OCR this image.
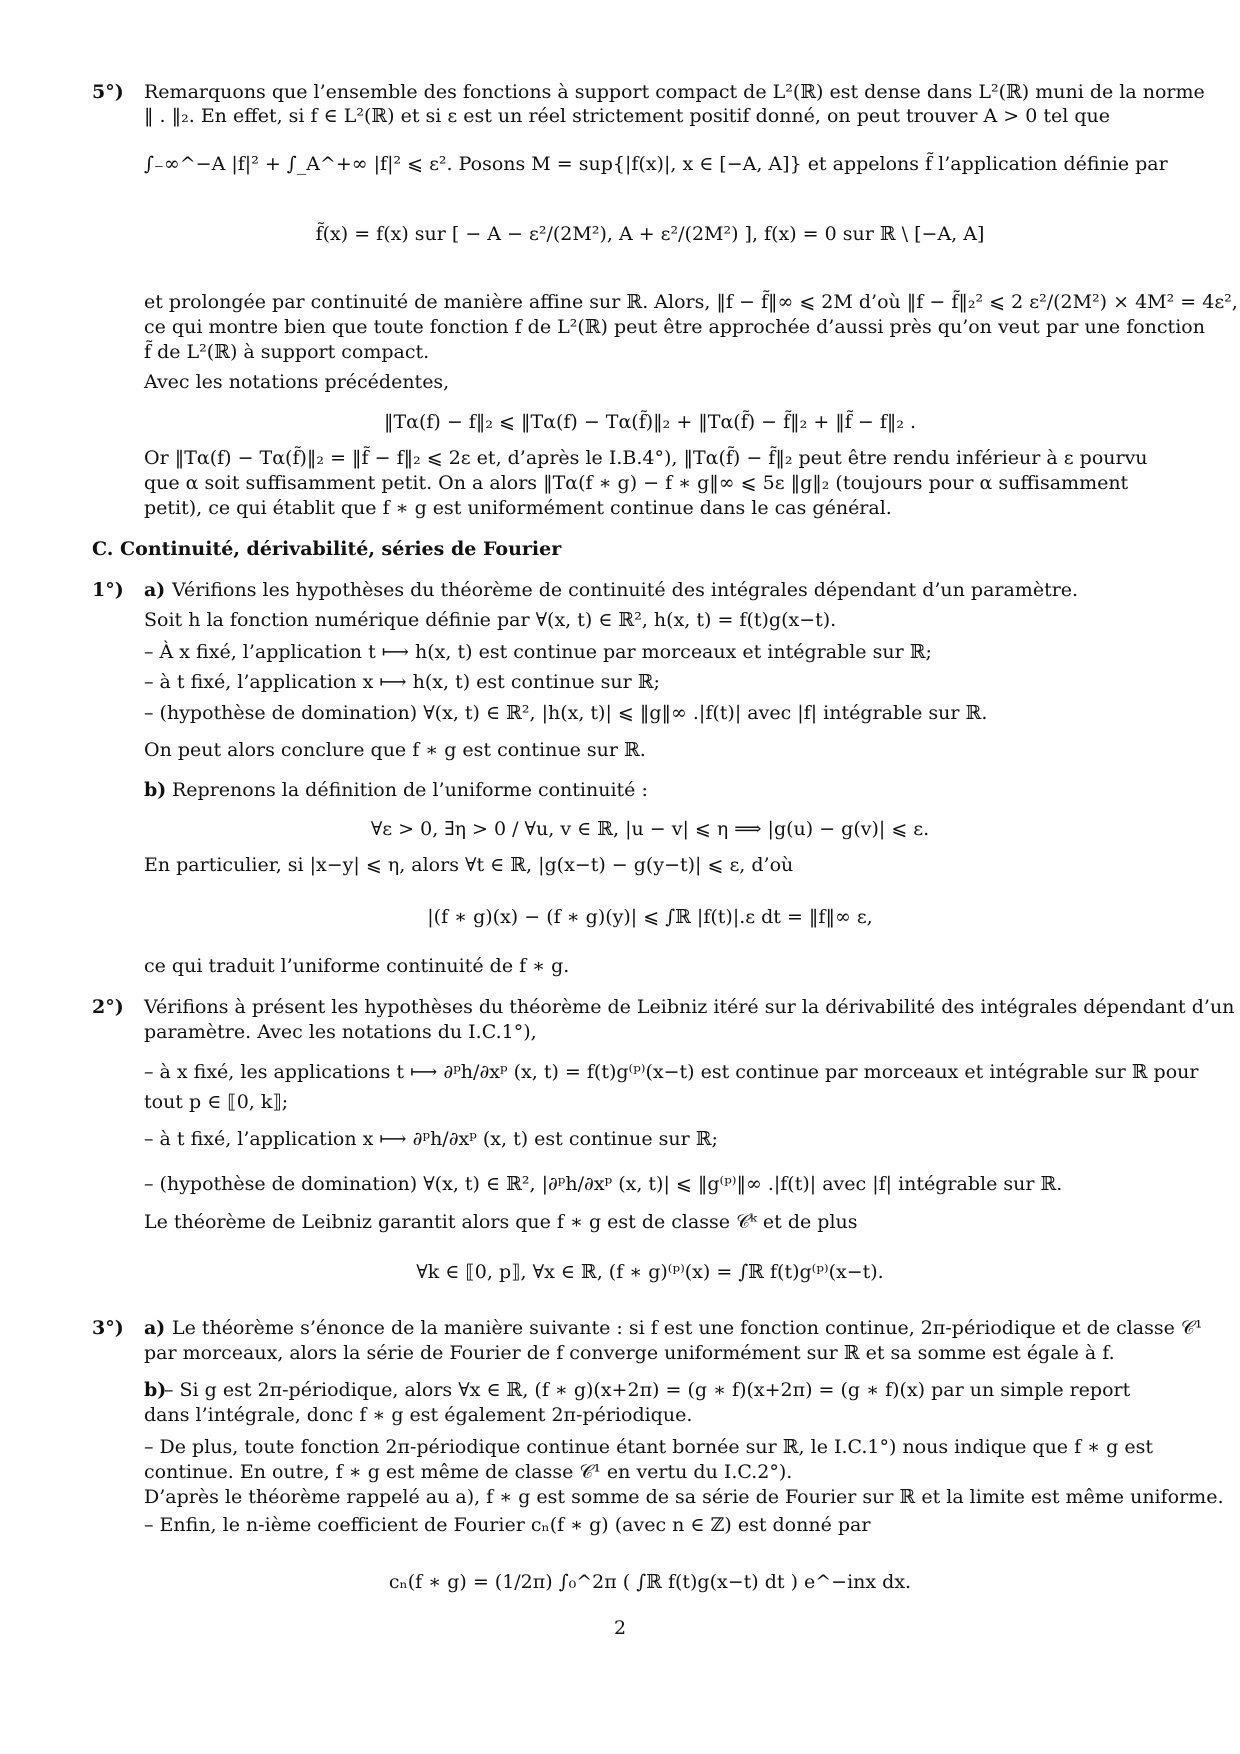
5°) Remarquons que l’ensemble des fonctions à support compact de L²(ℝ) est dense dans L²(ℝ) muni de la norme
‖ . ‖₂. En effet, si f ∈ L²(ℝ) et si ε est un réel strictement positif donné, on peut trouver A > 0 tel que
∫₋∞^−A |f|² + ∫_A^+∞ |f|² ⩽ ε². Posons M = sup{|f(x)|, x ∈ [−A, A]} et appelons f̃ l’application définie par
f̃(x) = f(x) sur [ − A − ε²/(2M²), A + ε²/(2M²) ], f(x) = 0 sur ℝ \ [−A, A]
et prolongée par continuité de manière affine sur ℝ. Alors, ‖f − f̃‖∞ ⩽ 2M d’où ‖f − f̃‖₂² ⩽ 2 ε²/(2M²) × 4M² = 4ε²,
ce qui montre bien que toute fonction f de L²(ℝ) peut être approchée d’aussi près qu’on veut par une fonction
f̃ de L²(ℝ) à support compact.
Avec les notations précédentes,
‖Tα(f) − f‖₂ ⩽ ‖Tα(f) − Tα(f̃)‖₂ + ‖Tα(f̃) − f̃‖₂ + ‖f̃ − f‖₂ .
Or ‖Tα(f) − Tα(f̃)‖₂ = ‖f̃ − f‖₂ ⩽ 2ε et, d’après le I.B.4°), ‖Tα(f̃) − f̃‖₂ peut être rendu inférieur à ε pourvu
que α soit suffisamment petit. On a alors ‖Tα(f ∗ g) − f ∗ g‖∞ ⩽ 5ε ‖g‖₂ (toujours pour α suffisamment
petit), ce qui établit que f ∗ g est uniformément continue dans le cas général.
C. Continuité, dérivabilité, séries de Fourier
1°) a) Vérifions les hypothèses du théorème de continuité des intégrales dépendant d’un paramètre.
Soit h la fonction numérique définie par ∀(x, t) ∈ ℝ², h(x, t) = f(t)g(x−t).
– À x fixé, l’application t ⟼ h(x, t) est continue par morceaux et intégrable sur ℝ;
– à t fixé, l’application x ⟼ h(x, t) est continue sur ℝ;
– (hypothèse de domination) ∀(x, t) ∈ ℝ², |h(x, t)| ⩽ ‖g‖∞ .|f(t)| avec |f| intégrable sur ℝ.
On peut alors conclure que f ∗ g est continue sur ℝ.
b) Reprenons la définition de l’uniforme continuité :
∀ε > 0, ∃η > 0 / ∀u, v ∈ ℝ, |u − v| ⩽ η ⟹ |g(u) − g(v)| ⩽ ε.
En particulier, si |x−y| ⩽ η, alors ∀t ∈ ℝ, |g(x−t) − g(y−t)| ⩽ ε, d’où
|(f ∗ g)(x) − (f ∗ g)(y)| ⩽ ∫ℝ |f(t)|.ε dt = ‖f‖∞ ε,
ce qui traduit l’uniforme continuité de f ∗ g.
2°) Vérifions à présent les hypothèses du théorème de Leibniz itéré sur la dérivabilité des intégrales dépendant d’un
paramètre. Avec les notations du I.C.1°),
– à x fixé, les applications t ⟼ ∂ᵖh/∂xᵖ (x, t) = f(t)g⁽ᵖ⁾(x−t) est continue par morceaux et intégrable sur ℝ pour
tout p ∈ ⟦0, k⟧;
– à t fixé, l’application x ⟼ ∂ᵖh/∂xᵖ (x, t) est continue sur ℝ;
– (hypothèse de domination) ∀(x, t) ∈ ℝ², |∂ᵖh/∂xᵖ (x, t)| ⩽ ‖g⁽ᵖ⁾‖∞ .|f(t)| avec |f| intégrable sur ℝ.
Le théorème de Leibniz garantit alors que f ∗ g est de classe 𝒞ᵏ et de plus
∀k ∈ ⟦0, p⟧, ∀x ∈ ℝ, (f ∗ g)⁽ᵖ⁾(x) = ∫ℝ f(t)g⁽ᵖ⁾(x−t).
3°) a) Le théorème s’énonce de la manière suivante : si f est une fonction continue, 2π-périodique et de classe 𝒞¹
par morceaux, alors la série de Fourier de f converge uniformément sur ℝ et sa somme est égale à f.
b)
– Si g est 2π-périodique, alors ∀x ∈ ℝ, (f ∗ g)(x+2π) = (g ∗ f)(x+2π) = (g ∗ f)(x) par un simple report
dans l’intégrale, donc f ∗ g est également 2π-périodique.
– De plus, toute fonction 2π-périodique continue étant bornée sur ℝ, le I.C.1°) nous indique que f ∗ g est
continue. En outre, f ∗ g est même de classe 𝒞¹ en vertu du I.C.2°).
D’après le théorème rappelé au a), f ∗ g est somme de sa série de Fourier sur ℝ et la limite est même uniforme.
– Enfin, le n-ième coefficient de Fourier cₙ(f ∗ g) (avec n ∈ ℤ) est donné par
cₙ(f ∗ g) = (1/2π) ∫₀^2π ( ∫ℝ f(t)g(x−t) dt ) e^−inx dx.
2
